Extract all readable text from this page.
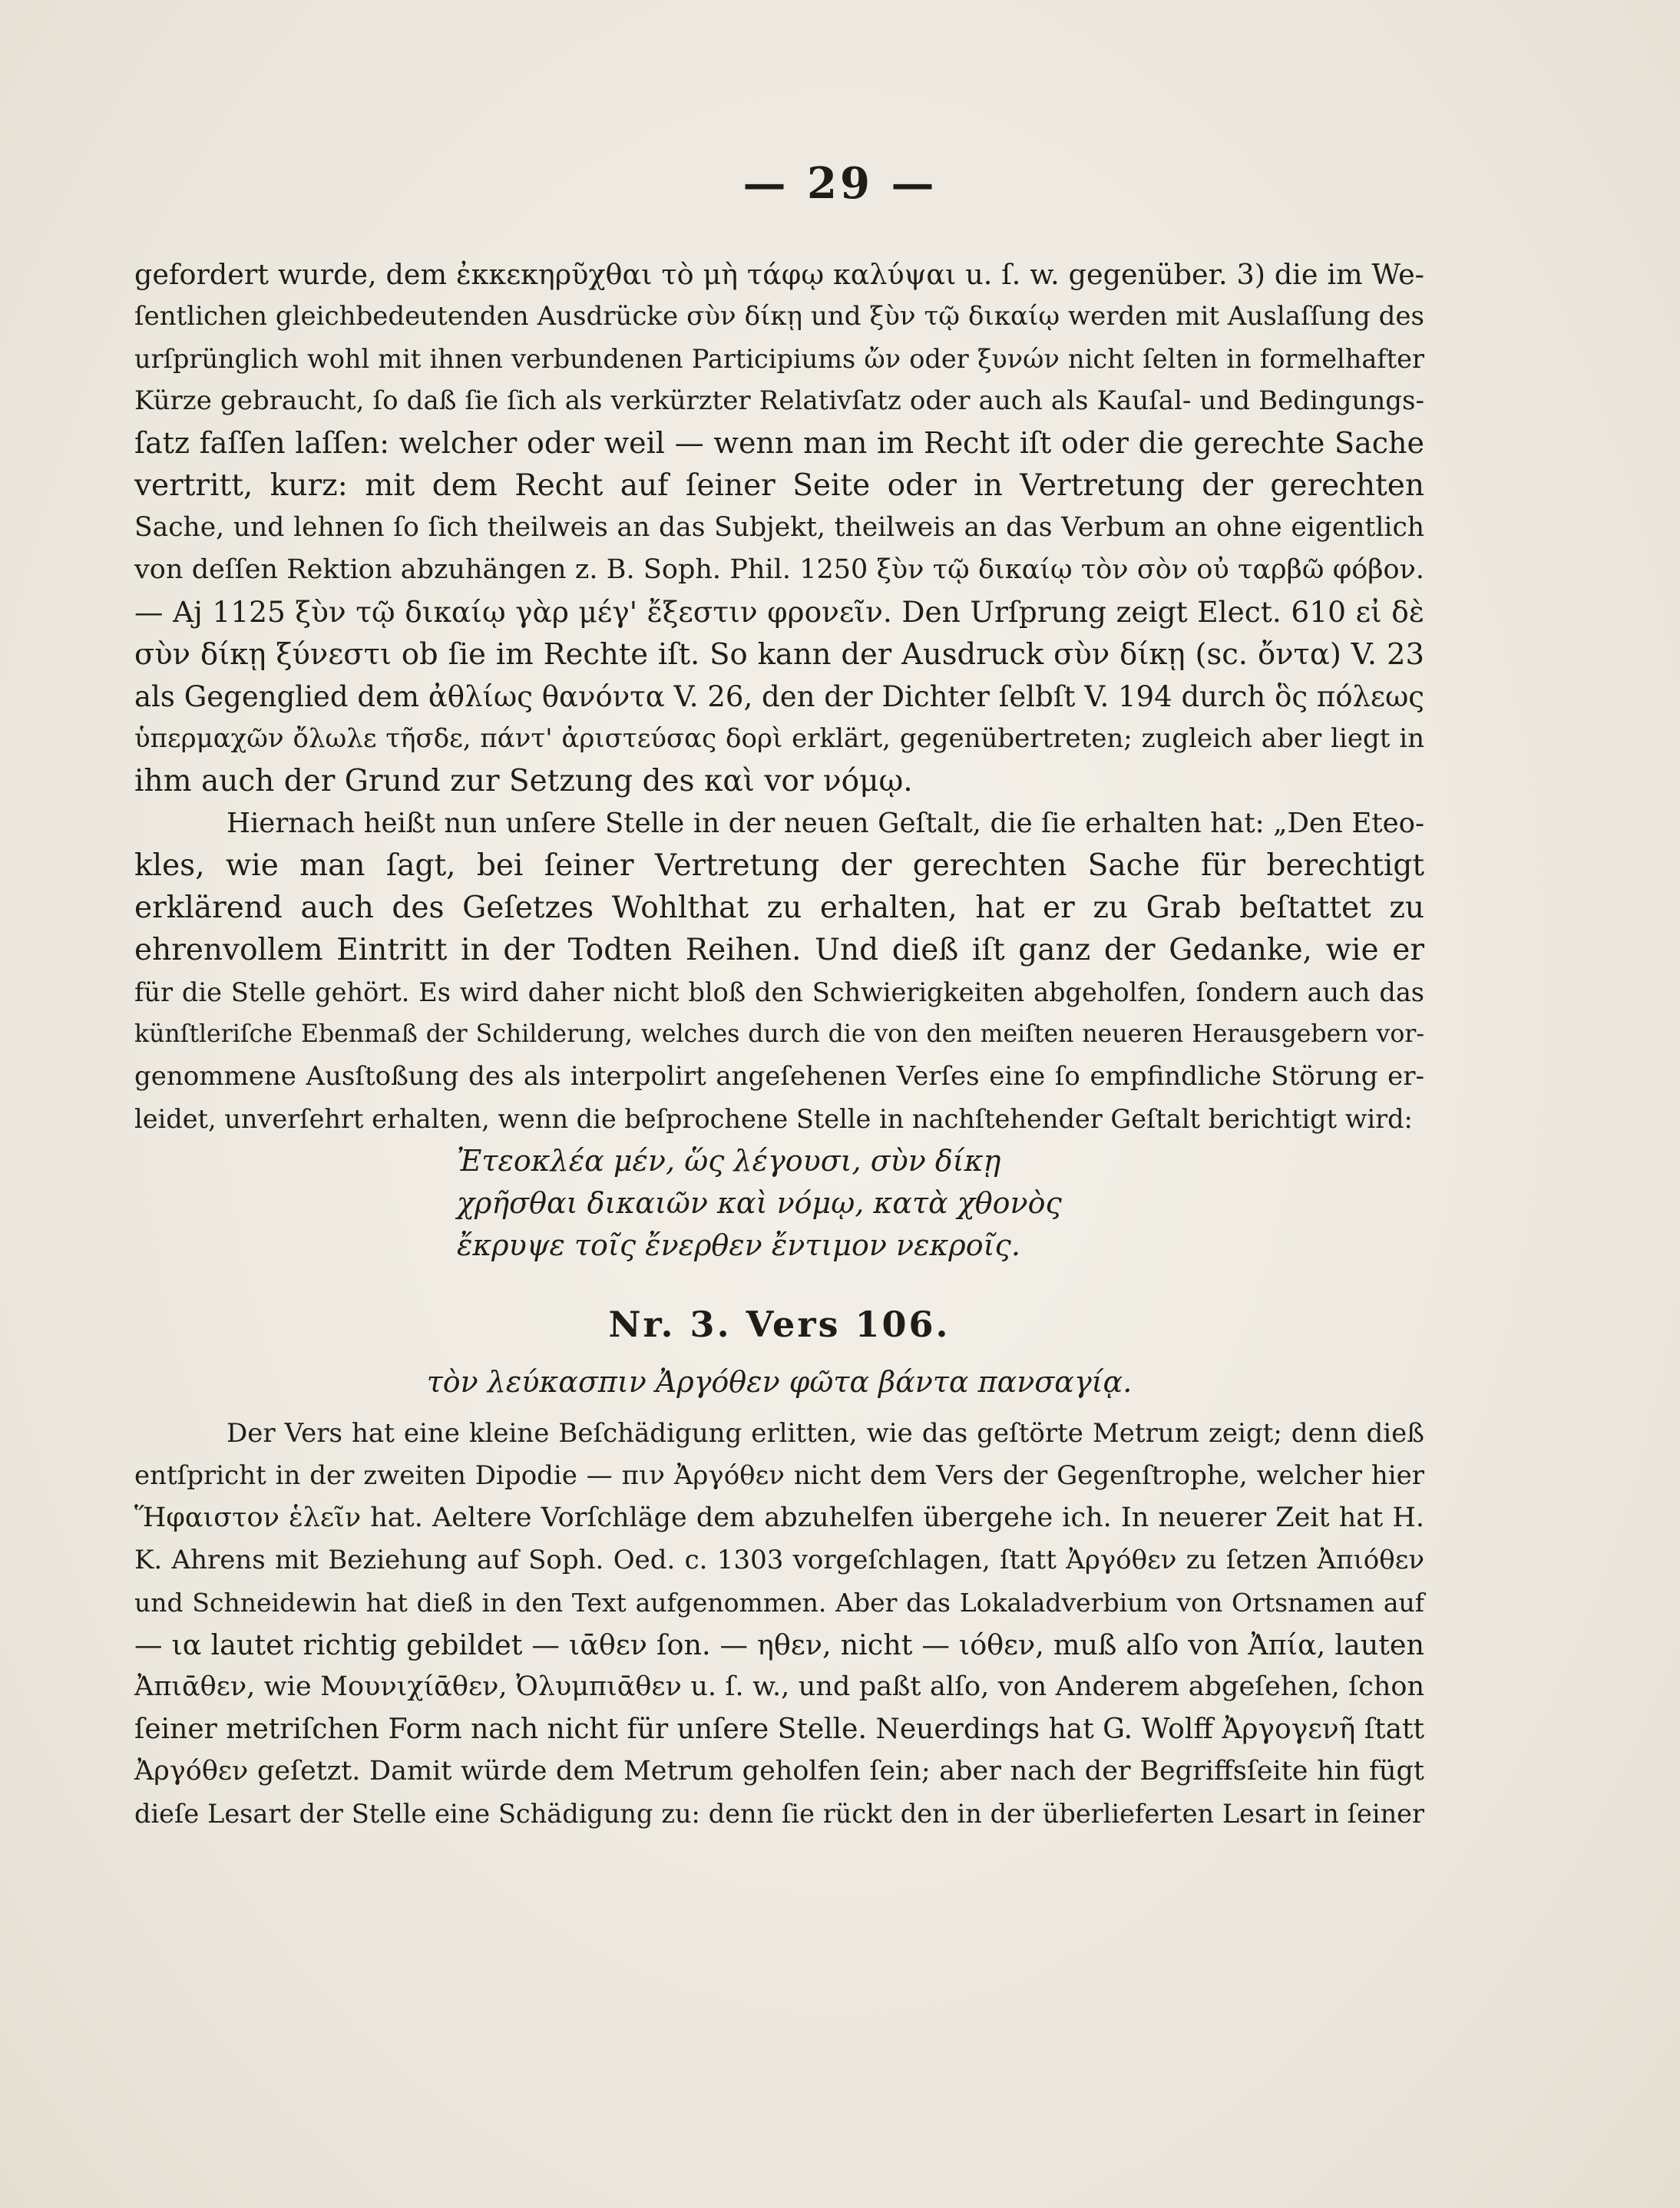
— 29 —
gefordert wurde, dem ἐκκεκηρῦχθαι τὸ μὴ τάφῳ καλύψαι u. ſ. w. gegenüber. 3) die im We-
ſentlichen gleichbedeutenden Ausdrücke σὺν δίκῃ und ξὺν τῷ δικαίῳ werden mit Auslaſſung des
urſprünglich wohl mit ihnen verbundenen Participiums ὤν oder ξυνών nicht ſelten in formelhafter
Kürze gebraucht, ſo daß ſie ſich als verkürzter Relativſatz oder auch als Kauſal- und Bedingungs-
ſatz faſſen laſſen: welcher oder weil — wenn man im Recht iſt oder die gerechte Sache
vertritt, kurz: mit dem Recht auf ſeiner Seite oder in Vertretung der gerechten
Sache, und lehnen ſo ſich theilweis an das Subjekt, theilweis an das Verbum an ohne eigentlich
von deſſen Rektion abzuhängen z. B. Soph. Phil. 1250 ξὺν τῷ δικαίῳ τὸν σὸν οὐ ταρβῶ φόβον.
— Aj 1125 ξὺν τῷ δικαίῳ γὰρ μέγ' ἔξεστιν φρονεῖν. Den Urſprung zeigt Elect. 610 εἰ δὲ
σὺν δίκῃ ξύνεστι ob ſie im Rechte iſt. So kann der Ausdruck σὺν δίκῃ (sc. ὄντα) V. 23
als Gegenglied dem ἀθλίως θανόντα V. 26, den der Dichter ſelbſt V. 194 durch ὃς πόλεως
ὑπερμαχῶν ὄλωλε τῆσδε, πάντ' ἀριστεύσας δορὶ erklärt, gegenübertreten; zugleich aber liegt in
ihm auch der Grund zur Setzung des καὶ vor νόμῳ.
Hiernach heißt nun unſere Stelle in der neuen Geſtalt, die ſie erhalten hat: „Den Eteo-
kles, wie man ſagt, bei ſeiner Vertretung der gerechten Sache für berechtigt
erklärend auch des Geſetzes Wohlthat zu erhalten, hat er zu Grab beſtattet zu
ehrenvollem Eintritt in der Todten Reihen. Und dieß iſt ganz der Gedanke, wie er
für die Stelle gehört. Es wird daher nicht bloß den Schwierigkeiten abgeholfen, ſondern auch das
künſtleriſche Ebenmaß der Schilderung, welches durch die von den meiſten neueren Herausgebern vor-
genommene Ausſtoßung des als interpolirt angeſehenen Verſes eine ſo empfindliche Störung er-
leidet, unverſehrt erhalten, wenn die beſprochene Stelle in nachſtehender Geſtalt berichtigt wird:
Ἐτεοκλέα μέν, ὥς λέγουσι, σὺν δίκῃ
χρῆσθαι δικαιῶν καὶ νόμῳ, κατὰ χθονὸς
ἔκρυψε τοῖς ἔνερθεν ἔντιμον νεκροῖς.
Nr. 3. Vers 106.
τὸν λεύκασπιν Ἀργόθεν φῶτα βάντα πανσαγίᾳ.
Der Vers hat eine kleine Beſchädigung erlitten, wie das geſtörte Metrum zeigt; denn dieß
entſpricht in der zweiten Dipodie — πιν Ἀργόθεν nicht dem Vers der Gegenſtrophe, welcher hier
Ἥφαιστον ἑλεῖν hat. Aeltere Vorſchläge dem abzuhelfen übergehe ich. In neuerer Zeit hat H.
K. Ahrens mit Beziehung auf Soph. Oed. c. 1303 vorgeſchlagen, ſtatt Ἀργόθεν zu ſetzen Ἀπιόθεν
und Schneidewin hat dieß in den Text aufgenommen. Aber das Lokaladverbium von Ortsnamen auf
— ια lautet richtig gebildet — ιᾱθεν ſon. — ηθεν, nicht — ιόθεν, muß alſo von Ἀπία, lauten
Ἀπιᾱθεν, wie Μουνιχίᾱθεν, Ὀλυμπιᾱθεν u. ſ. w., und paßt alſo, von Anderem abgeſehen, ſchon
ſeiner metriſchen Form nach nicht für unſere Stelle. Neuerdings hat G. Wolff Ἀργογενῆ ſtatt
Ἀργόθεν geſetzt. Damit würde dem Metrum geholfen ſein; aber nach der Begriffsſeite hin fügt
dieſe Lesart der Stelle eine Schädigung zu: denn ſie rückt den in der überlieferten Lesart in ſeiner
